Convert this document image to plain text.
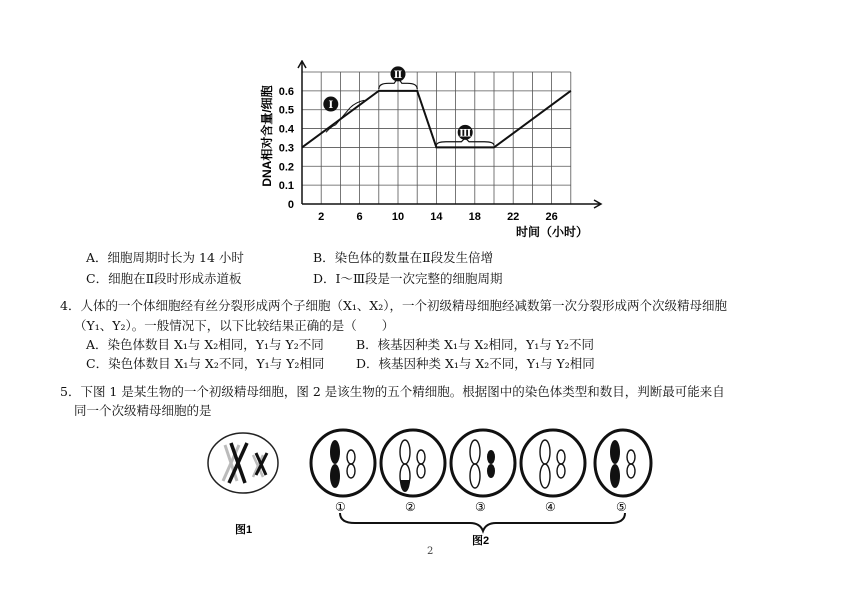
0
0.1
0.2
0.3
0.4
0.5
0.6
2	6	10 14 18 22 26
Ⅰ
Ⅱ
Ⅲ
DNA相对含量/细胞
时间（小时）
A．细胞周期时长为 14 小时	B．染色体的数量在Ⅱ段发生倍增
C．细胞在Ⅱ段时形成赤道板	D．Ⅰ～Ⅲ段是一次完整的细胞周期
4．人体的一个体细胞经有丝分裂形成两个子细胞（X₁、X₂），一个初级精母细胞经减数第一次分裂形成两个次级精母细胞
（Y₁、Y₂）。一般情况下，以下比较结果正确的是（　　）
A．染色体数目 X₁与 X₂相同，Y₁与 Y₂不同	B．核基因种类 X₁与 X₂相同，Y₁与 Y₂不同
C．染色体数目 X₁与 X₂不同，Y₁与 Y₂相同	D．核基因种类 X₁与 X₂不同，Y₁与 Y₂相同
5．下图 1 是某生物的一个初级精母细胞，图 2 是该生物的五个精细胞。根据图中的染色体类型和数目，判断最可能来自
同一个次级精母细胞的是
图1
①	②	③	④	⑤
图2
2
